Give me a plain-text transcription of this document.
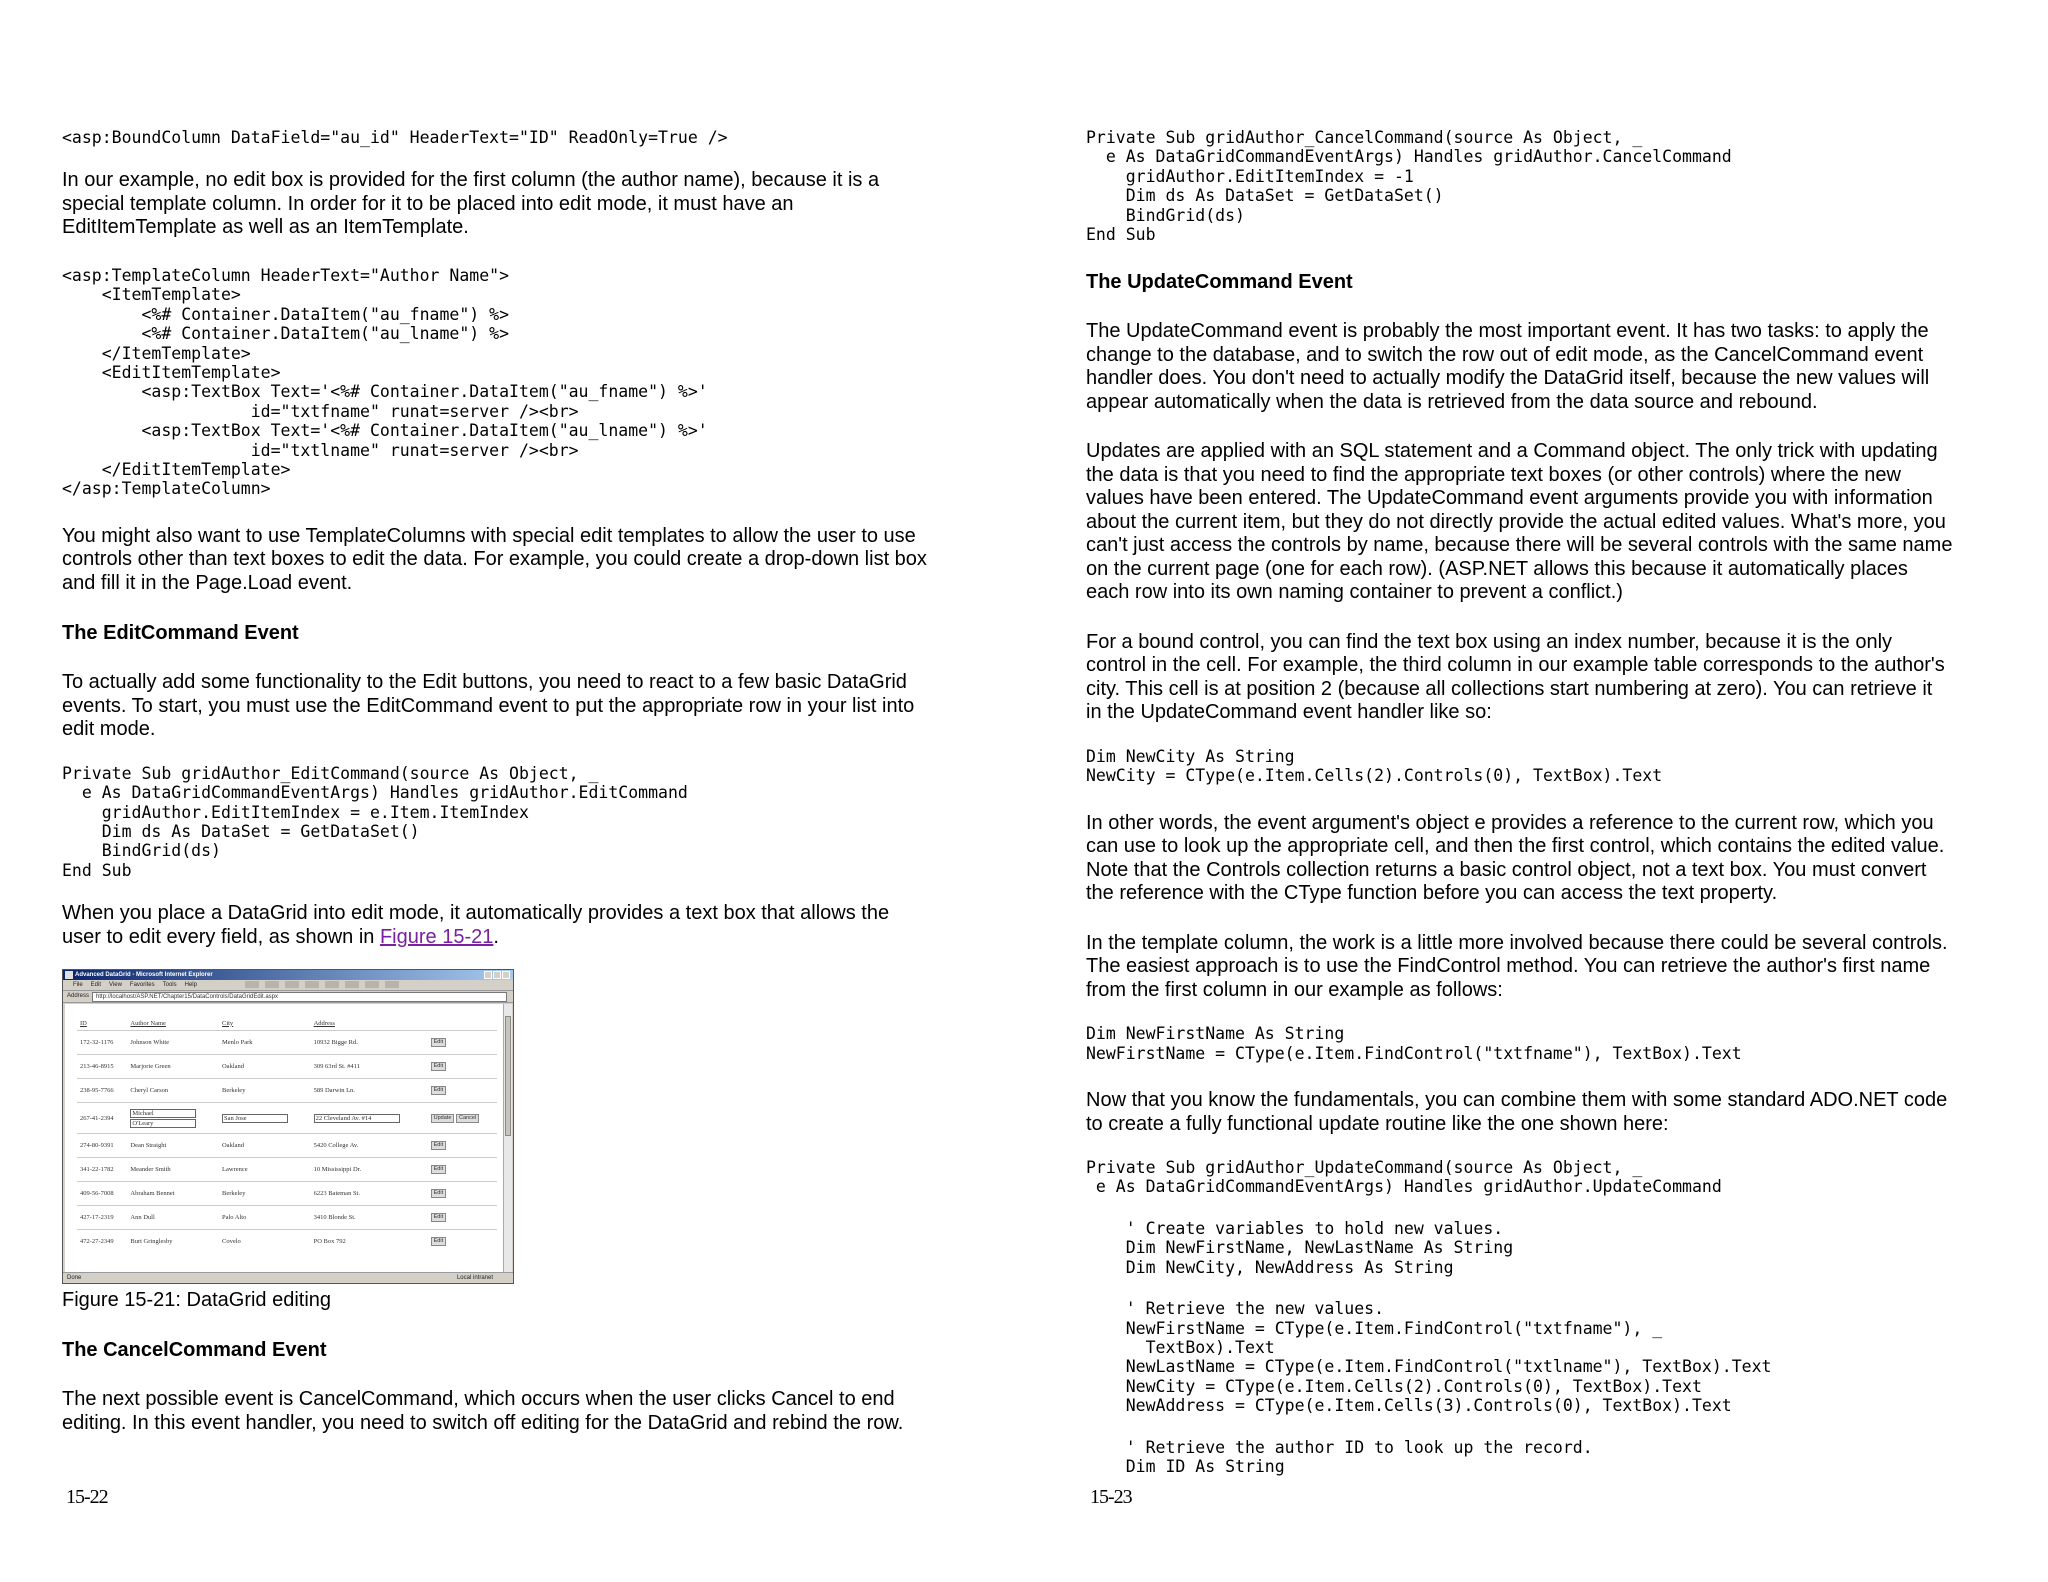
<asp:BoundColumn DataField="au_id" HeaderText="ID" ReadOnly=True />

In our example, no edit box is provided for the first column (the author name), because it is a
special template column. In order for it to be placed into edit mode, it must have an
EditItemTemplate as well as an ItemTemplate.

<asp:TemplateColumn HeaderText="Author Name">
<ItemTemplate>
<%# Container.DataItem("au_fname") %>
<%# Container.DataItem("au_lname") %>
</ItemTemplate>
<EditItemTemplate>
<asp:TextBox Text='<%# Container.DataItem("au_fname") %>'
id="txtfname" runat=server /><br>
<asp:TextBox Text='<%# Container.DataItem("au_lname") %>'
id="txtlname" runat=server /><br>
</EditItemTemplate>
</asp:TemplateColumn>

You might also want to use TemplateColumns with special edit templates to allow the user to use
controls other than text boxes to edit the data. For example, you could create a drop-down list box
and fill it in the Page.Load event.

The EditCommand Event

To actually add some functionality to the Edit buttons, you need to react to a few basic DataGrid
events. To start, you must use the EditCommand event to put the appropriate row in your list into
edit mode.

Private Sub gridAuthor_EditCommand(source As Object, _
e As DataGridCommandEventArgs) Handles gridAuthor.EditCommand
gridAuthor.EditItemIndex = e.Item.ItemIndex
Dim ds As DataSet = GetDataSet()
BindGrid(ds)
End Sub

When you place a DataGrid into edit mode, it automatically provides a text box that allows the
user to edit every field, as shown in Figure 15-21.

Advanced DataGrid - Microsoft Internet Explorer
File Edit View Favorites Tools Help
Address	http://localhost/ASP.NET/Chapter15/DataControls/DataGridEdit.aspx
ID	Author Name	City	Address	
172-32-1176	Johnson White	Menlo Park	10932 Bigge Rd.	Edit
213-46-8915	Marjorie Green	Oakland	309 63rd St. #411	Edit
238-95-7766	Cheryl Carson	Berkeley	589 Darwin Ln.	Edit
267-41-2394	Michael
O'Leary	San Jose	22 Cleveland Av. #14	Update Cancel
274-80-9391	Dean Straight	Oakland	5420 College Av.	Edit
341-22-1782	Meander Smith	Lawrence	10 Mississippi Dr.	Edit
409-56-7008	Abraham Bennet	Berkeley	6223 Bateman St.	Edit
427-17-2319	Ann Dull	Palo Alto	3410 Blonde St.	Edit
472-27-2349	Burt Gringlesby	Covelo	PO Box 792	Edit
Done	Local intranet
Figure 15-21: DataGrid editing
The CancelCommand Event

The next possible event is CancelCommand, which occurs when the user clicks Cancel to end
editing. In this event handler, you need to switch off editing for the DataGrid and rebind the row.

15-22
Private Sub gridAuthor_CancelCommand(source As Object, _
e As DataGridCommandEventArgs) Handles gridAuthor.CancelCommand
gridAuthor.EditItemIndex = -1
Dim ds As DataSet = GetDataSet()
BindGrid(ds)
End Sub
The UpdateCommand Event

The UpdateCommand event is probably the most important event. It has two tasks: to apply the
change to the database, and to switch the row out of edit mode, as the CancelCommand event
handler does. You don't need to actually modify the DataGrid itself, because the new values will
appear automatically when the data is retrieved from the data source and rebound.

Updates are applied with an SQL statement and a Command object. The only trick with updating
the data is that you need to find the appropriate text boxes (or other controls) where the new
values have been entered. The UpdateCommand event arguments provide you with information
about the current item, but they do not directly provide the actual edited values. What's more, you
can't just access the controls by name, because there will be several controls with the same name
on the current page (one for each row). (ASP.NET allows this because it automatically places
each row into its own naming container to prevent a conflict.)

For a bound control, you can find the text box using an index number, because it is the only
control in the cell. For example, the third column in our example table corresponds to the author's
city. This cell is at position 2 (because all collections start numbering at zero). You can retrieve it
in the UpdateCommand event handler like so:

Dim NewCity As String
NewCity = CType(e.Item.Cells(2).Controls(0), TextBox).Text

In other words, the event argument's object e provides a reference to the current row, which you
can use to look up the appropriate cell, and then the first control, which contains the edited value.
Note that the Controls collection returns a basic control object, not a text box. You must convert
the reference with the CType function before you can access the text property.

In the template column, the work is a little more involved because there could be several controls.
The easiest approach is to use the FindControl method. You can retrieve the author's first name
from the first column in our example as follows:

Dim NewFirstName As String
NewFirstName = CType(e.Item.FindControl("txtfname"), TextBox).Text

Now that you know the fundamentals, you can combine them with some standard ADO.NET code
to create a fully functional update routine like the one shown here:

Private Sub gridAuthor_UpdateCommand(source As Object, _
e As DataGridCommandEventArgs) Handles gridAuthor.UpdateCommand
' Create variables to hold new values.
Dim NewFirstName, NewLastName As String
Dim NewCity, NewAddress As String
' Retrieve the new values.
NewFirstName = CType(e.Item.FindControl("txtfname"), _
TextBox).Text
NewLastName = CType(e.Item.FindControl("txtlname"), TextBox).Text
NewCity = CType(e.Item.Cells(2).Controls(0), TextBox).Text
NewAddress = CType(e.Item.Cells(3).Controls(0), TextBox).Text
' Retrieve the author ID to look up the record.
Dim ID As String
15-23
